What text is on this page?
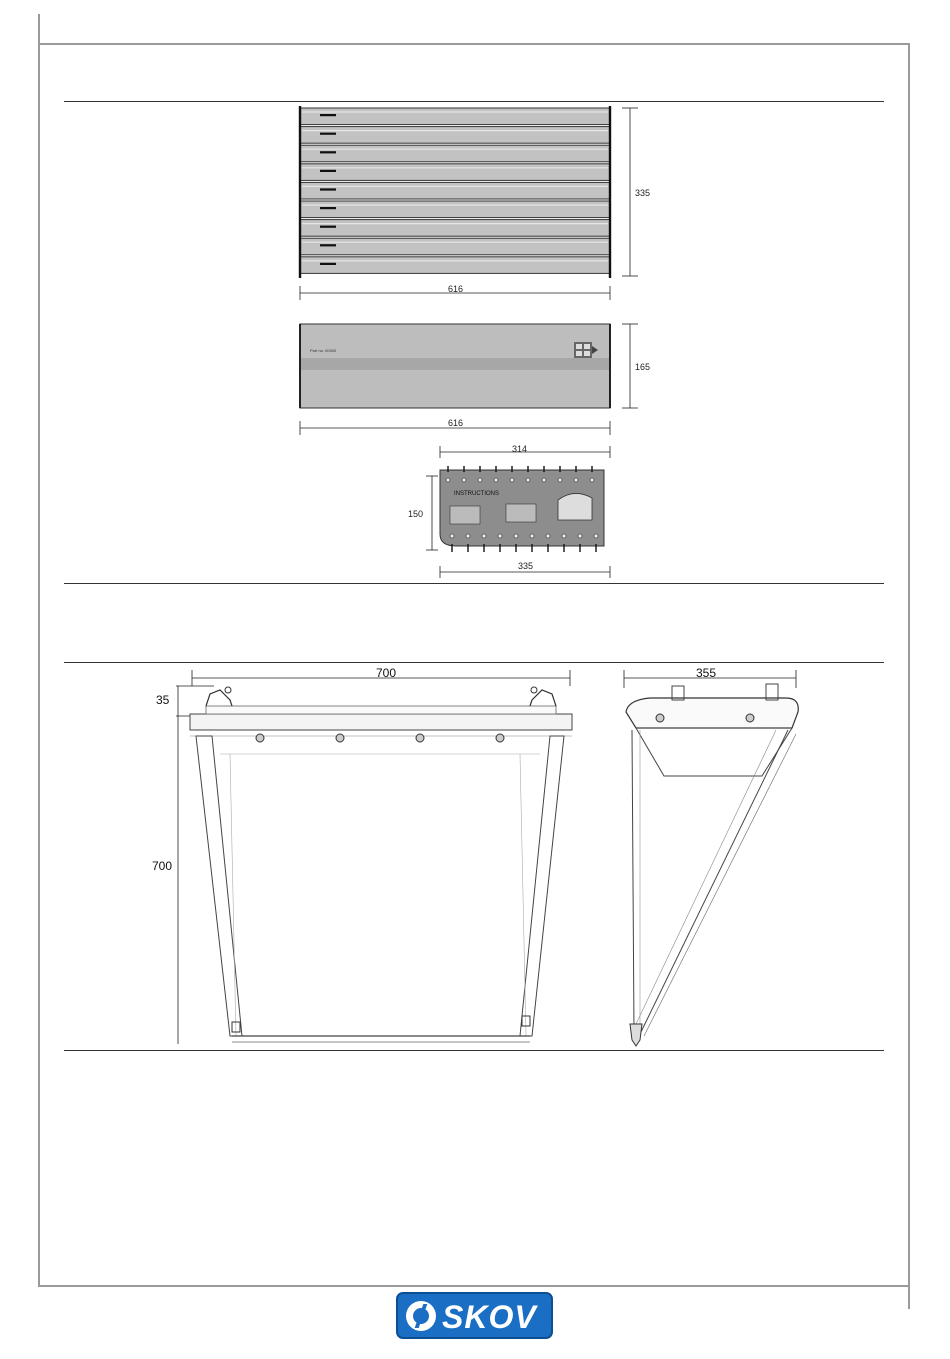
335
616
Part no. 00000
165
616
314
INSTRUCTIONS
150
335
700
35
700
355
SKOV
